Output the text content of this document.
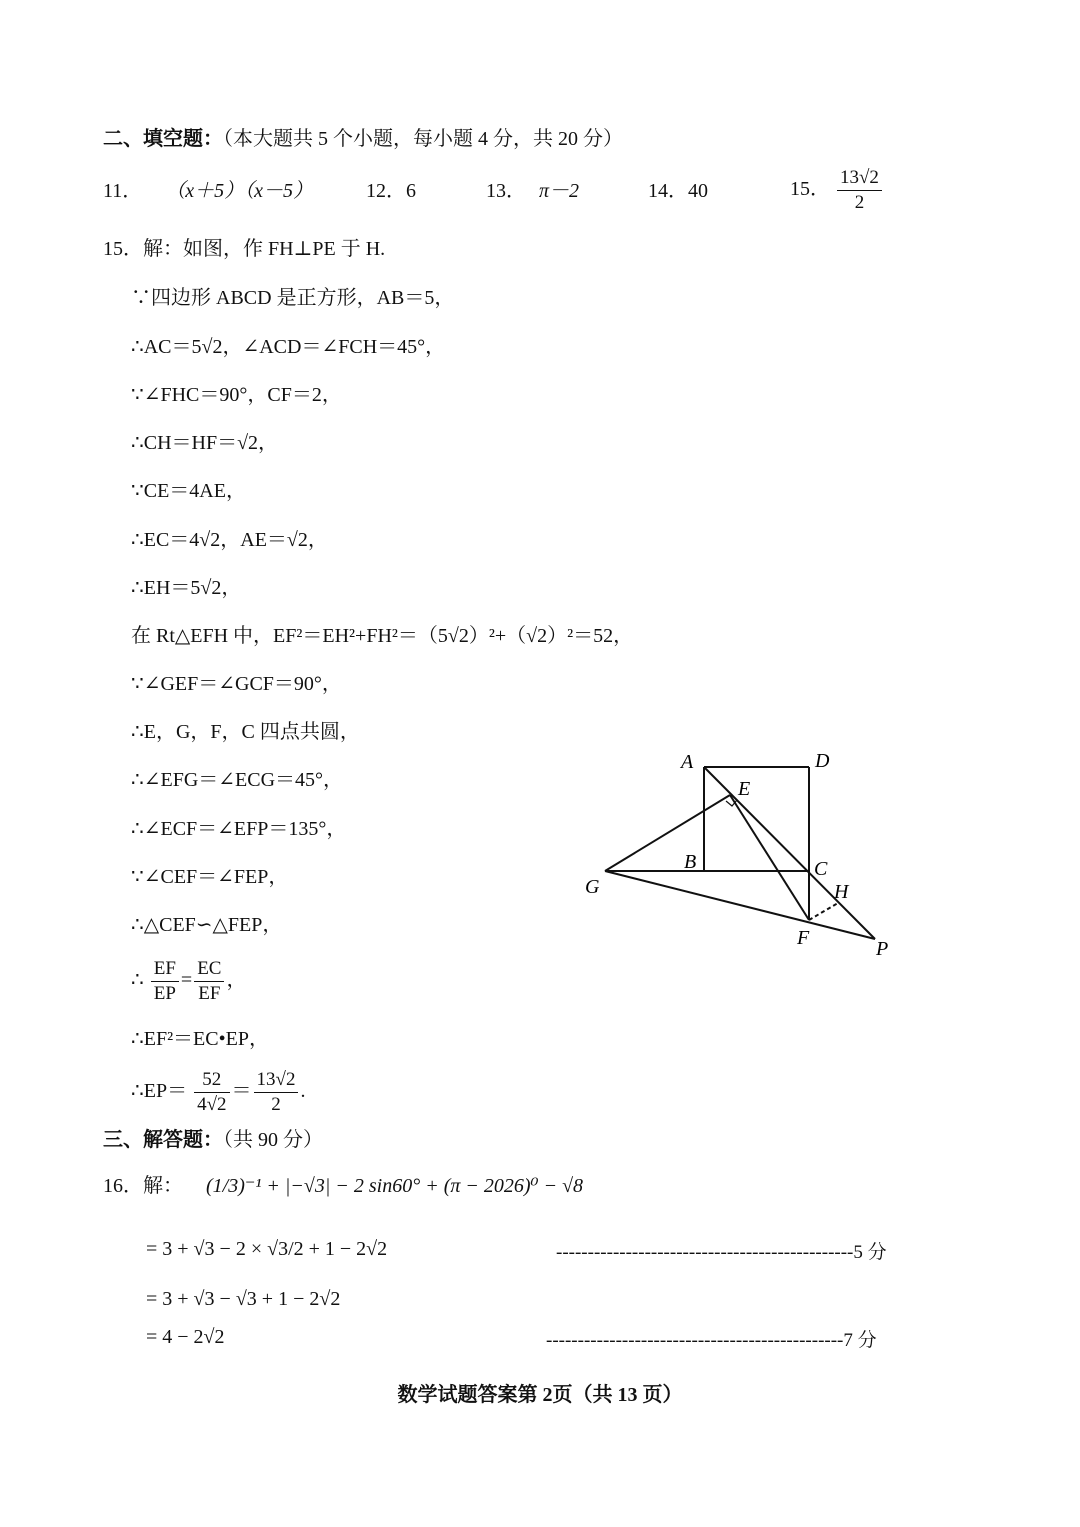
二、填空题：（本大题共 5 个小题，每小题 4 分，共 20 分）
11． （x＋5）（x－5）	12．6	13． π－2	14．40	15． $\frac{13√2}{2}$
15．解：如图，作 FH⊥PE 于 H.
∵四边形 ABCD 是正方形，AB＝5，
∴AC＝5√2，∠ACD＝∠FCH＝45°，
∵∠FHC＝90°，CF＝2，
∴CH＝HF＝√2，
∵CE＝4AE，
∴EC＝4√2，AE＝√2，
∴EH＝5√2，
在 Rt△EFH 中，EF²＝EH²+FH²＝（5√2）²+（√2）²＝52，
∵∠GEF＝∠GCF＝90°，
∴E，G，F，C 四点共圆，
∴∠EFG＝∠ECG＝45°，
∴∠ECF＝∠EFP＝135°，
∵∠CEF＝∠FEP，
∴△CEF∽△FEP，
∴ $\frac{EF}{EP} = \frac{EC}{EF}$ ，
∴EF²＝EC•EP，
∴EP＝ $\frac{52}{4√2} = \frac{13√2}{2}$ .
A	D
E
B	C
G	H
F	P
三、解答题：（共 90 分）
16．解： (1/3)⁻¹ + |−√3| − 2 sin60° + (π − 2026)⁰ − √8
= 3 + √3 − 2 × √3/2 + 1 − 2√2
= 3 + √3 − √3 + 1 − 2√2
= 4 − 2√2
-----------------------------------------------5 分
-----------------------------------------------7 分
数学试题答案第 2页（共 13 页）
